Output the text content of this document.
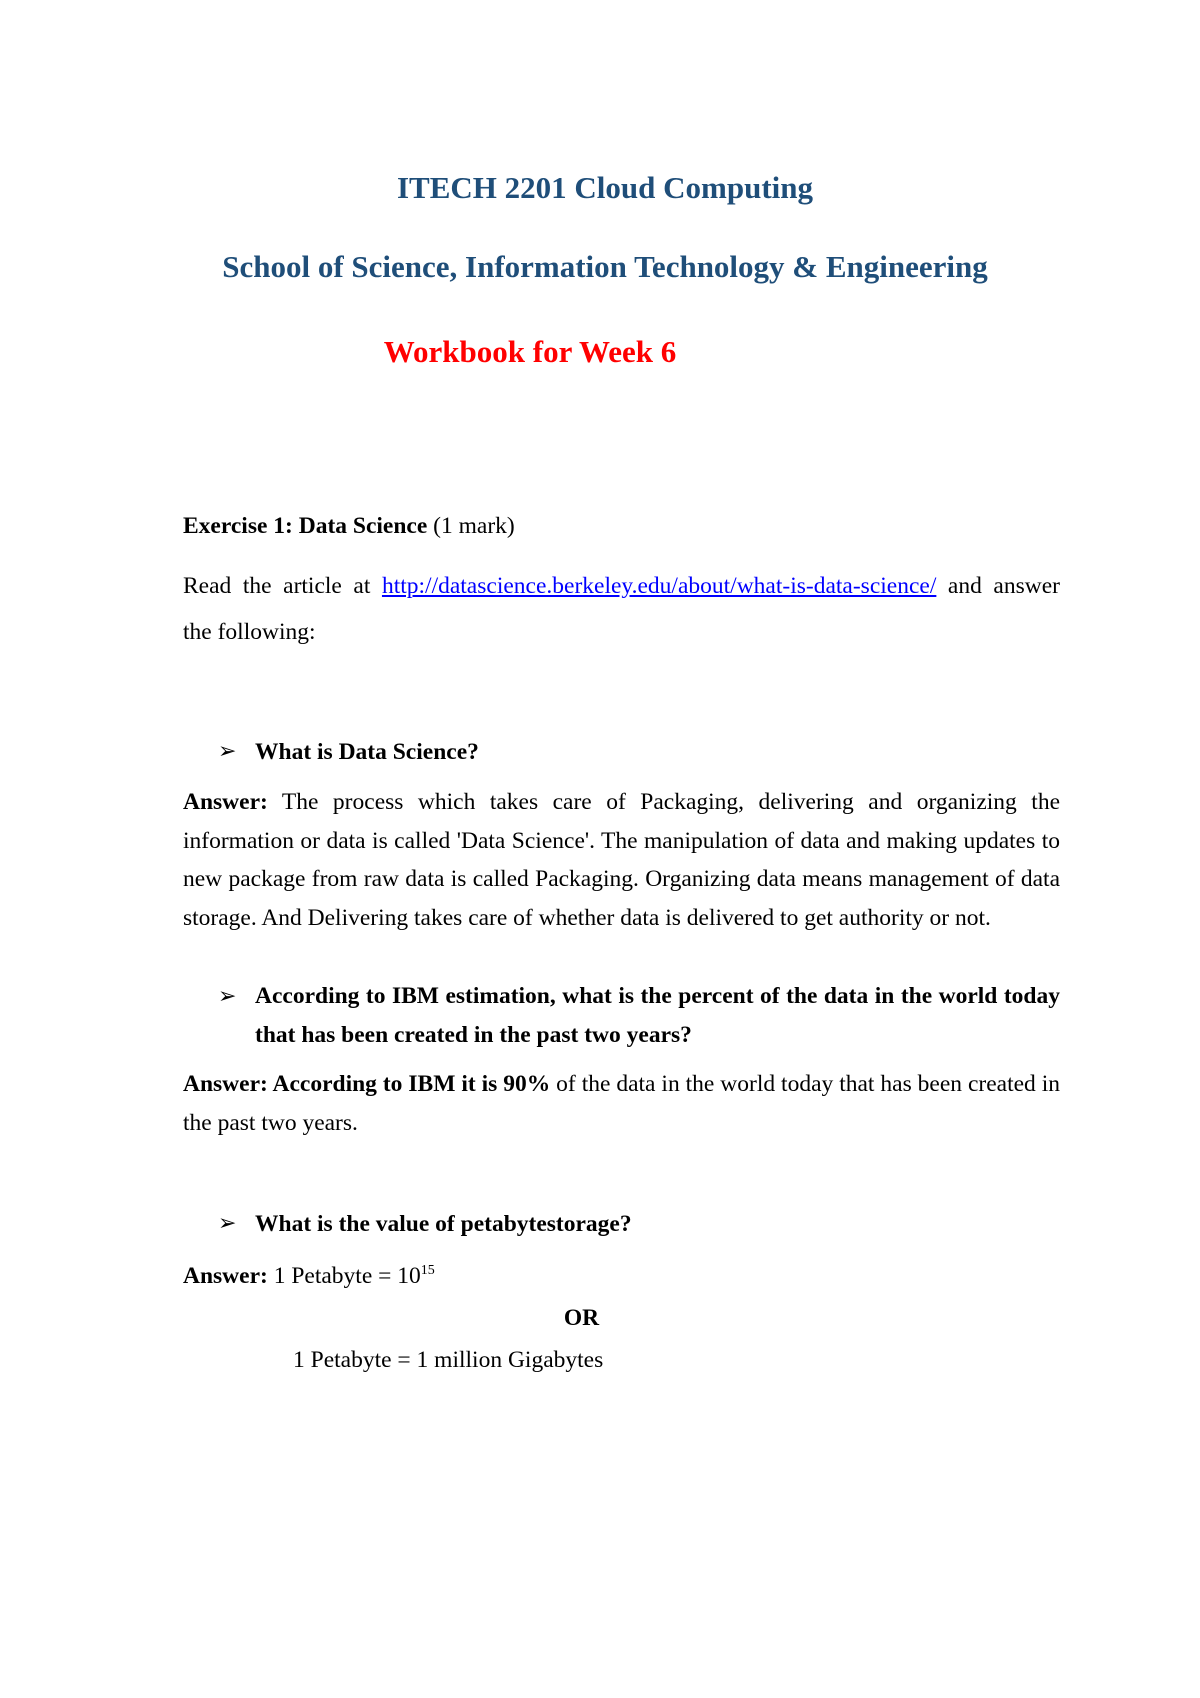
ITECH 2201 Cloud Computing
School of Science, Information Technology & Engineering
Workbook for Week 6

Exercise 1: Data Science (1 mark)

Read the article at http://datascience.berkeley.edu/about/what-is-data-science/ and answer the following:

➢ What is Data Science?

Answer: The process which takes care of Packaging, delivering and organizing the information or data is called 'Data Science'. The manipulation of data and making updates to new package from raw data is called Packaging. Organizing data means management of data storage. And Delivering takes care of whether data is delivered to get authority or not.

➢ According to IBM estimation, what is the percent of the data in the world today that has been created in the past two years?

Answer: According to IBM it is 90% of the data in the world today that has been created in the past two years.

➢ What is the value of petabytestorage?

Answer: 1 Petabyte = $10^{15}$

OR

1 Petabyte = 1 million Gigabytes
